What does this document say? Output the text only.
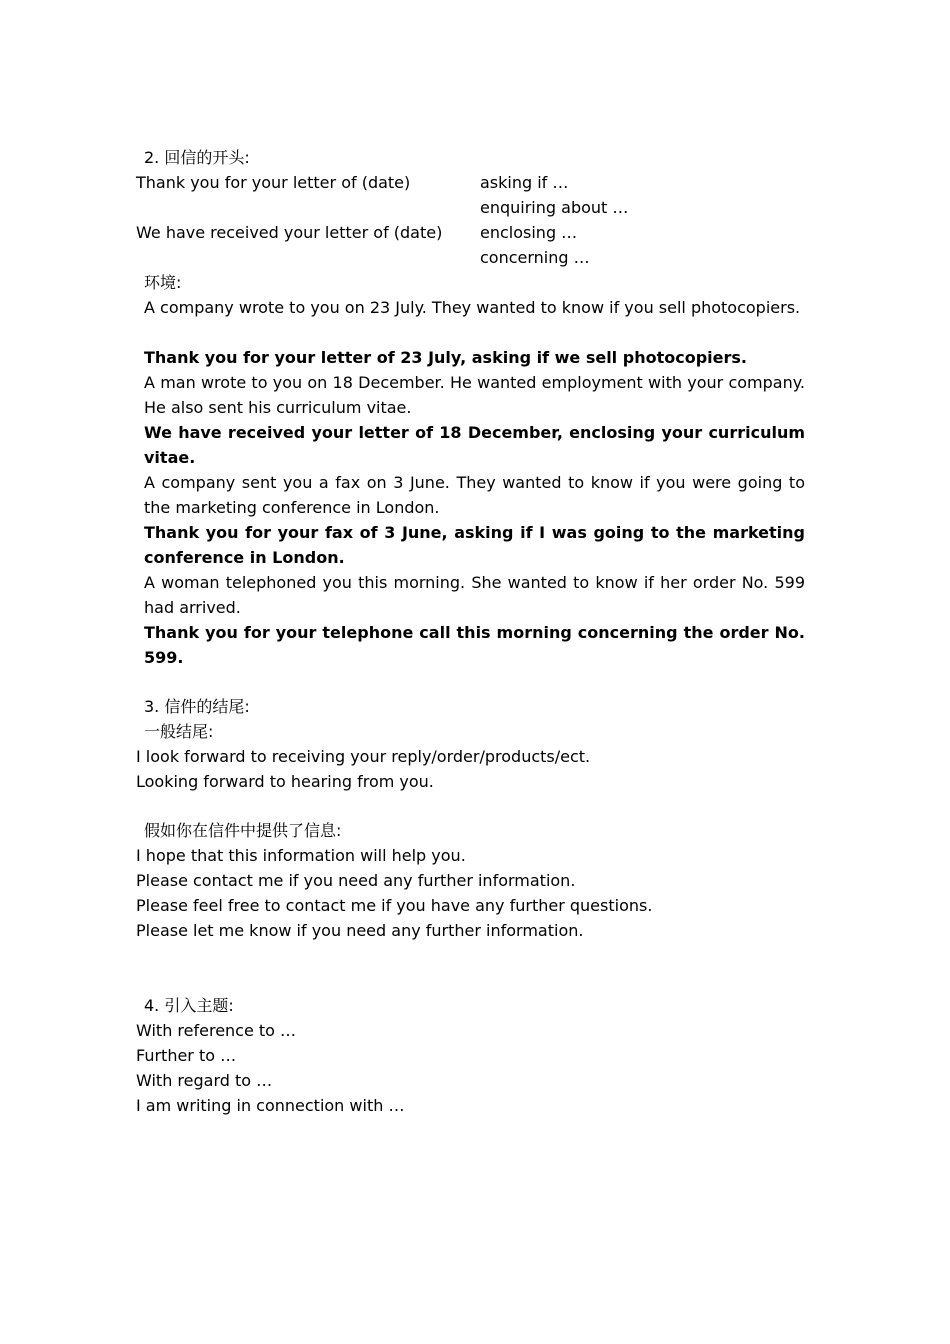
2. 回信的开头:
Thank you for your letter of (date)	asking if …
enquiring about …
We have received your letter of (date) enclosing …
concerning …
环境:
A company wrote to you on 23 July. They wanted to know if you sell photocopiers.
Thank you for your letter of 23 July, asking if we sell photocopiers.
A man wrote to you on 18 December. He wanted employment with your company. He also sent his curriculum vitae.
We have received your letter of 18 December, enclosing your curriculum vitae.
A company sent you a fax on 3 June. They wanted to know if you were going to the marketing conference in London.
Thank you for your fax of 3 June, asking if I was going to the marketing conference in London.
A woman telephoned you this morning. She wanted to know if her order No. 599 had arrived.
Thank you for your telephone call this morning concerning the order No. 599.
3. 信件的结尾:
一般结尾:
I look forward to receiving your reply/order/products/ect.
Looking forward to hearing from you.
假如你在信件中提供了信息:
I hope that this information will help you.
Please contact me if you need any further information.
Please feel free to contact me if you have any further questions.
Please let me know if you need any further information.
4. 引入主题:
With reference to …
Further to …
With regard to …
I am writing in connection with …
